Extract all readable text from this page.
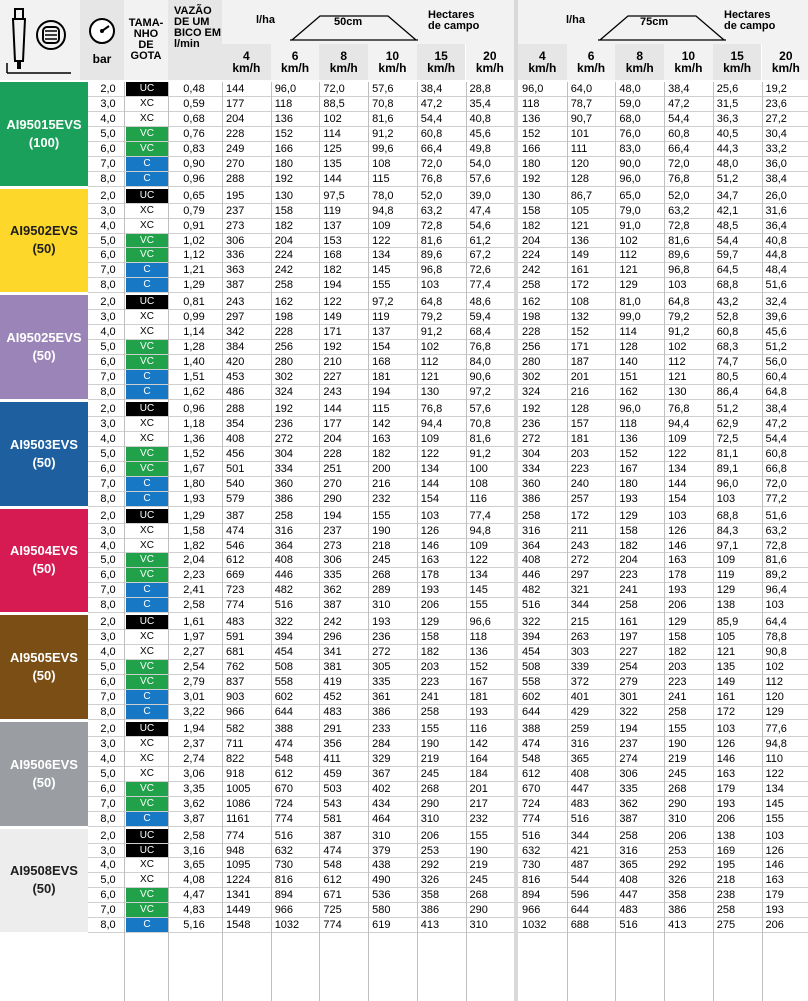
bar
TAMA-
NHO
DE
GOTA
VAZÃO
DE UM
BICO EM
l/min
l/ha	50cm
Hectares
de campo	l/ha	75cm
Hectares
de campo
4
km/h
6
km/h
8
km/h
10
km/h
15
km/h
20
km/h
4
km/h
6
km/h
8
km/h
10
km/h
15
km/h
20
km/h
AI95015EVS
(100)
2,0	UC	0,48	144	96,0	72,0	57,6	38,4	28,8	96,0	64,0	48,0	38,4	25,6	19,2
3,0	XC	0,59	177	118	88,5	70,8	47,2	35,4	118	78,7	59,0	47,2	31,5	23,6
4,0	XC	0,68	204	136	102	81,6	54,4	40,8	136	90,7	68,0	54,4	36,3	27,2
5,0	VC	0,76	228	152	114	91,2	60,8	45,6	152	101	76,0	60,8	40,5	30,4
6,0	VC	0,83	249	166	125	99,6	66,4	49,8	166	111	83,0	66,4	44,3	33,2
7,0	C	0,90	270	180	135	108	72,0	54,0	180	120	90,0	72,0	48,0	36,0
8,0	C	0,96	288	192	144	115	76,8	57,6	192	128	96,0	76,8	51,2	38,4
AI9502EVS
(50)
2,0	UC	0,65	195	130	97,5	78,0	52,0	39,0	130	86,7	65,0	52,0	34,7	26,0
3,0	XC	0,79	237	158	119	94,8	63,2	47,4	158	105	79,0	63,2	42,1	31,6
4,0	XC	0,91	273	182	137	109	72,8	54,6	182	121	91,0	72,8	48,5	36,4
5,0	VC	1,02	306	204	153	122	81,6	61,2	204	136	102	81,6	54,4	40,8
6,0	VC	1,12	336	224	168	134	89,6	67,2	224	149	112	89,6	59,7	44,8
7,0	C	1,21	363	242	182	145	96,8	72,6	242	161	121	96,8	64,5	48,4
8,0	C	1,29	387	258	194	155	103	77,4	258	172	129	103	68,8	51,6
AI95025EVS
(50)
2,0	UC	0,81	243	162	122	97,2	64,8	48,6	162	108	81,0	64,8	43,2	32,4
3,0	XC	0,99	297	198	149	119	79,2	59,4	198	132	99,0	79,2	52,8	39,6
4,0	XC	1,14	342	228	171	137	91,2	68,4	228	152	114	91,2	60,8	45,6
5,0	VC	1,28	384	256	192	154	102	76,8	256	171	128	102	68,3	51,2
6,0	VC	1,40	420	280	210	168	112	84,0	280	187	140	112	74,7	56,0
7,0	C	1,51	453	302	227	181	121	90,6	302	201	151	121	80,5	60,4
8,0	C	1,62	486	324	243	194	130	97,2	324	216	162	130	86,4	64,8
AI9503EVS
(50)
2,0	UC	0,96	288	192	144	115	76,8	57,6	192	128	96,0	76,8	51,2	38,4
3,0	XC	1,18	354	236	177	142	94,4	70,8	236	157	118	94,4	62,9	47,2
4,0	XC	1,36	408	272	204	163	109	81,6	272	181	136	109	72,5	54,4
5,0	VC	1,52	456	304	228	182	122	91,2	304	203	152	122	81,1	60,8
6,0	VC	1,67	501	334	251	200	134	100	334	223	167	134	89,1	66,8
7,0	C	1,80	540	360	270	216	144	108	360	240	180	144	96,0	72,0
8,0	C	1,93	579	386	290	232	154	116	386	257	193	154	103	77,2
AI9504EVS
(50)
2,0	UC	1,29	387	258	194	155	103	77,4	258	172	129	103	68,8	51,6
3,0	XC	1,58	474	316	237	190	126	94,8	316	211	158	126	84,3	63,2
4,0	XC	1,82	546	364	273	218	146	109	364	243	182	146	97,1	72,8
5,0	VC	2,04	612	408	306	245	163	122	408	272	204	163	109	81,6
6,0	VC	2,23	669	446	335	268	178	134	446	297	223	178	119	89,2
7,0	C	2,41	723	482	362	289	193	145	482	321	241	193	129	96,4
8,0	C	2,58	774	516	387	310	206	155	516	344	258	206	138	103
AI9505EVS
(50)
2,0	UC	1,61	483	322	242	193	129	96,6	322	215	161	129	85,9	64,4
3,0	XC	1,97	591	394	296	236	158	118	394	263	197	158	105	78,8
4,0	XC	2,27	681	454	341	272	182	136	454	303	227	182	121	90,8
5,0	VC	2,54	762	508	381	305	203	152	508	339	254	203	135	102
6,0	VC	2,79	837	558	419	335	223	167	558	372	279	223	149	112
7,0	C	3,01	903	602	452	361	241	181	602	401	301	241	161	120
8,0	C	3,22	966	644	483	386	258	193	644	429	322	258	172	129
AI9506EVS
(50)
2,0	UC	1,94	582	388	291	233	155	116	388	259	194	155	103	77,6
3,0	XC	2,37	711	474	356	284	190	142	474	316	237	190	126	94,8
4,0	XC	2,74	822	548	411	329	219	164	548	365	274	219	146	110
5,0	XC	3,06	918	612	459	367	245	184	612	408	306	245	163	122
6,0	VC	3,35	1005	670	503	402	268	201	670	447	335	268	179	134
7,0	VC	3,62	1086	724	543	434	290	217	724	483	362	290	193	145
8,0	C	3,87	1161	774	581	464	310	232	774	516	387	310	206	155
AI9508EVS
(50)
2,0	UC	2,58	774	516	387	310	206	155	516	344	258	206	138	103
3,0	UC	3,16	948	632	474	379	253	190	632	421	316	253	169	126
4,0	XC	3,65	1095	730	548	438	292	219	730	487	365	292	195	146
5,0	XC	4,08	1224	816	612	490	326	245	816	544	408	326	218	163
6,0	VC	4,47	1341	894	671	536	358	268	894	596	447	358	238	179
7,0	VC	4,83	1449	966	725	580	386	290	966	644	483	386	258	193
8,0	C	5,16	1548	1032	774	619	413	310	1032	688	516	413	275	206
